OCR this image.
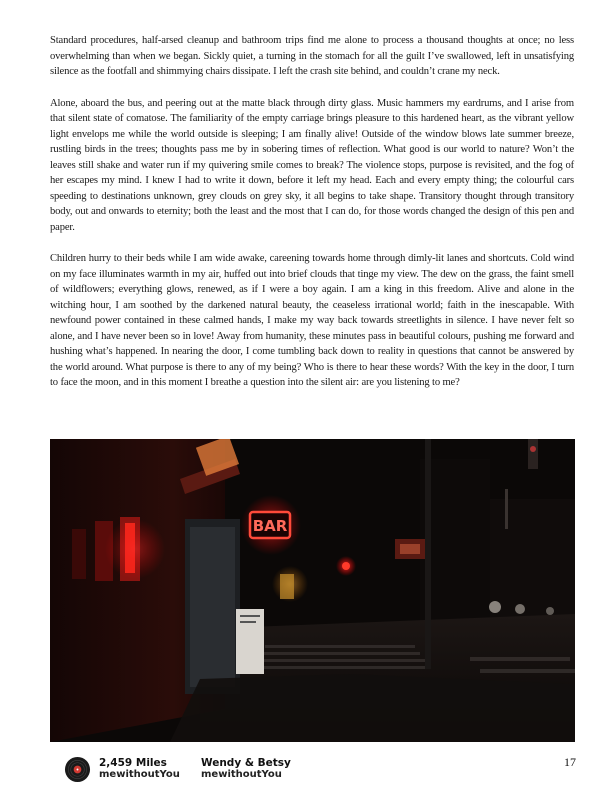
Standard procedures, half-arsed cleanup and bathroom trips find me alone to process a thousand thoughts at once; no less overwhelming than when we began. Sickly quiet, a turning in the stomach for all the guilt I’ve swallowed, left in unsatisfying silence as the footfall and shimmying chairs dissipate. I left the crash site behind, and couldn’t crane my neck.

Alone, aboard the bus, and peering out at the matte black through dirty glass. Music hammers my eardrums, and I arise from that silent state of comatose. The familiarity of the empty carriage brings pleasure to this hardened heart, as the vibrant yellow light envelops me while the world outside is sleeping; I am finally alive! Outside of the window blows late summer breeze, rustling birds in the trees; thoughts pass me by in sobering times of reflection. What good is our world to nature? Won’t the leaves still shake and water run if my quivering smile comes to break? The violence stops, purpose is revisited, and the fog of her escapes my mind. I knew I had to write it down, before it left my head. Each and every empty thing; the colourful cars speeding to destinations unknown, grey clouds on grey sky, it all begins to take shape. Transitory thought through transitory body, out and onwards to eternity; both the least and the most that I can do, for those words changed the design of this pen and paper.

Children hurry to their beds while I am wide awake, careening towards home through dimly-lit lanes and shortcuts. Cold wind on my face illuminates warmth in my air, huffed out into brief clouds that tinge my view. The dew on the grass, the faint smell of wildflowers; everything glows, renewed, as if I were a boy again. I am a king in this freedom. Alive and alone in the witching hour, I am soothed by the darkened natural beauty, the ceaseless irrational world; faith in the inescapable. With newfound power contained in these calmed hands, I make my way back towards streetlights in silence. I have never felt so alone, and I have never been so in love! Away from humanity, these minutes pass in beautiful colours, pushing me forward and hushing what’s happened. In nearing the door, I come tumbling back down to reality in questions that cannot be answered by the world around. What purpose is there to any of my being? Who is there to hear these words? With the key in the door, I turn to face the moon, and in this moment I breathe a question into the silent air: are you listening to me?

BAR
2,459 Miles
mewithoutYou
Wendy & Betsy
mewithoutYou
17
